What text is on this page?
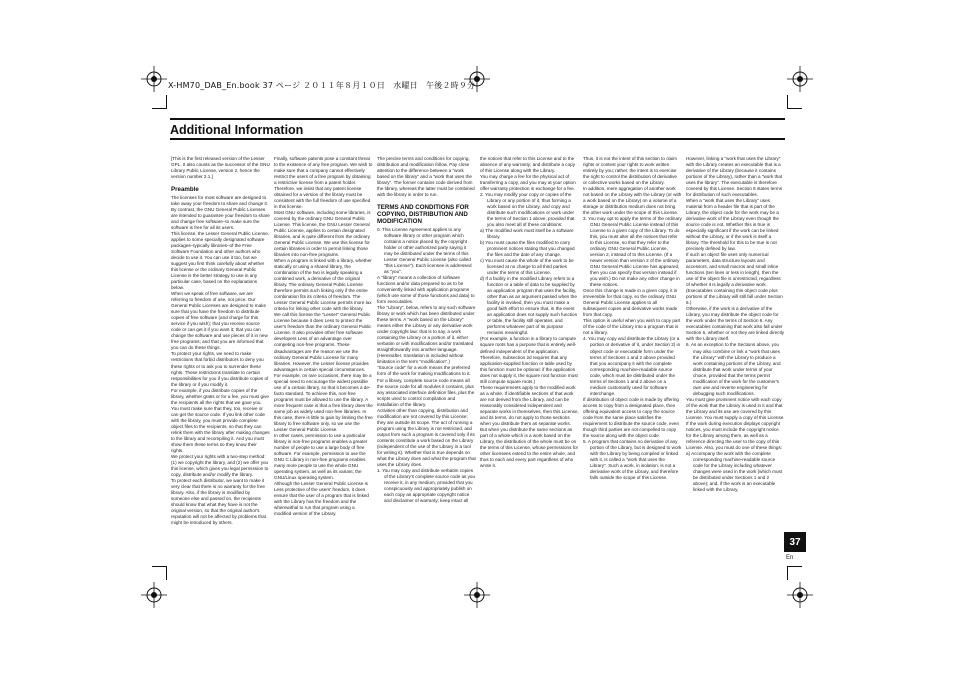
X-HM70_DAB_En.book 37 ページ ２０１１年８月１０日　水曜日　午後２時９分
Additional Information

[This is the first released version of the Lesser GPL. It also counts as the successor of the GNU Library Public License, version 2, hence the version number 2.1.]

Preamble

The licenses for most software are designed to take away your freedom to share and change it. By contrast, the GNU General Public Licenses are intended to guarantee your freedom to share and change free software–to make sure the software is free for all its users.

This license, the Lesser General Public License, applies to some specially designated software packages–typically libraries–of the Free Software Foundation and other authors who decide to use it. You can use it too, but we suggest you first think carefully about whether this license or the ordinary General Public License is the better strategy to use in any particular case, based on the explanations below.

When we speak of free software, we are referring to freedom of use, not price. Our General Public Licenses are designed to make sure that you have the freedom to distribute copies of free software (and charge for this service if you wish); that you receive source code or can get it if you want it; that you can change the software and use pieces of it in new free programs; and that you are informed that you can do these things.

To protect your rights, we need to make restrictions that forbid distributors to deny you these rights or to ask you to surrender these rights. These restrictions translate to certain responsibilities for you if you distribute copies of the library or if you modify it.

For example, if you distribute copies of the library, whether gratis or for a fee, you must give the recipients all the rights that we gave you. You must make sure that they, too, receive or can get the source code. If you link other code with the library, you must provide complete object files to the recipients, so that they can relink them with the library after making changes to the library and recompiling it. And you must show them these terms so they know their rights.

We protect your rights with a two-step method: (1) we copyright the library, and (2) we offer you this license, which gives you legal permission to copy, distribute and/or modify the library.

To protect each distributor, we want to make it very clear that there is no warranty for the free library. Also, if the library is modified by someone else and passed on, the recipients should know that what they have is not the original version, so that the original author's reputation will not be affected by problems that might be introduced by others.

Finally, software patents pose a constant threat to the existence of any free program. We wish to make sure that a company cannot effectively restrict the users of a free program by obtaining a restrictive license from a patent holder. Therefore, we insist that any patent license obtained for a version of the library must be consistent with the full freedom of use specified in this license.

Most GNU software, including some libraries, is covered by the ordinary GNU General Public License. This license, the GNU Lesser General Public License, applies to certain designated libraries, and is quite different from the ordinary General Public License. We use this license for certain libraries in order to permit linking those libraries into non-free programs.

When a program is linked with a library, whether statically or using a shared library, the combination of the two is legally speaking a combined work, a derivative of the original library. The ordinary General Public License therefore permits such linking only if the entire combination fits its criteria of freedom. The Lesser General Public License permits more lax criteria for linking other code with the library.

We call this license the "Lesser" General Public License because it does Less to protect the user's freedom than the ordinary General Public License. It also provides other free software developers Less of an advantage over competing non-free programs. These disadvantages are the reason we use the ordinary General Public License for many libraries. However, the Lesser license provides advantages in certain special circumstances.

For example, on rare occasions, there may be a special need to encourage the widest possible use of a certain library, so that it becomes a de-facto standard. To achieve this, non-free programs must be allowed to use the library. A more frequent case is that a free library does the same job as widely used non-free libraries. In this case, there is little to gain by limiting the free library to free software only, so we use the Lesser General Public License.

In other cases, permission to use a particular library in non-free programs enables a greater number of people to use a large body of free software. For example, permission to use the GNU C Library in non-free programs enables many more people to use the whole GNU operating system, as well as its variant, the GNU/Linux operating system.

Although the Lesser General Public License is Less protective of the users' freedom, it does ensure that the user of a program that is linked with the Library has the freedom and the wherewithal to run that program using a modified version of the Library.

The precise terms and conditions for copying, distribution and modification follow. Pay close attention to the difference between a "work based on the library" and a "work that uses the library". The former contains code derived from the library, whereas the latter must be combined with the library in order to run.

TERMS AND CONDITIONS FOR COPYING, DISTRIBUTION AND MODIFICATION

0. This License Agreement applies to any software library or other program which contains a notice placed by the copyright holder or other authorized party saying it may be distributed under the terms of this Lesser General Public License (also called "this License"). Each licensee is addressed as "you".

A "library" means a collection of software functions and/or data prepared so as to be conveniently linked with application programs (which use some of those functions and data) to form executables.

The "Library", below, refers to any such software library or work which has been distributed under these terms. A "work based on the Library" means either the Library or any derivative work under copyright law: that is to say, a work containing the Library or a portion of it, either verbatim or with modifications and/or translated straightforwardly into another language. (Hereinafter, translation is included without limitation in the term "modification".)

"Source code" for a work means the preferred form of the work for making modifications to it. For a library, complete source code means all the source code for all modules it contains, plus any associated interface definition files, plus the scripts used to control compilation and installation of the library.

Activities other than copying, distribution and modification are not covered by this License; they are outside its scope. The act of running a program using the Library is not restricted, and output from such a program is covered only if its contents constitute a work based on the Library (independent of the use of the Library in a tool for writing it). Whether that is true depends on what the Library does and what the program that uses the Library does.

1. You may copy and distribute verbatim copies of the Library's complete source code as you receive it, in any medium, provided that you conspicuously and appropriately publish on each copy an appropriate copyright notice and disclaimer of warranty; keep intact all

the notices that refer to this License and to the absence of any warranty; and distribute a copy of this License along with the Library.

You may charge a fee for the physical act of transferring a copy, and you may at your option offer warranty protection in exchange for a fee.

2. You may modify your copy or copies of the Library or any portion of it, thus forming a work based on the Library, and copy and distribute such modifications or work under the terms of Section 1 above, provided that you also meet all of these conditions:

a) The modified work must itself be a software library.

b) You must cause the files modified to carry prominent notices stating that you changed the files and the date of any change.

c) You must cause the whole of the work to be licensed at no charge to all third parties under the terms of this License.

d) If a facility in the modified Library refers to a function or a table of data to be supplied by an application program that uses the facility, other than as an argument passed when the facility is invoked, then you must make a good faith effort to ensure that, in the event an application does not supply such function or table, the facility still operates, and performs whatever part of its purpose remains meaningful.

(For example, a function in a library to compute square roots has a purpose that is entirely well-defined independent of the application. Therefore, Subsection 2d requires that any application-supplied function or table used by this function must be optional: if the application does not supply it, the square root function must still compute square roots.)

These requirements apply to the modified work as a whole. If identifiable sections of that work are not derived from the Library, and can be reasonably considered independent and separate works in themselves, then this License, and its terms, do not apply to those sections when you distribute them as separate works. But when you distribute the same sections as part of a whole which is a work based on the Library, the distribution of the whole must be on the terms of this License, whose permissions for other licensees extend to the entire whole, and thus to each and every part regardless of who wrote it.

Thus, it is not the intent of this section to claim rights or contest your rights to work written entirely by you; rather, the intent is to exercise the right to control the distribution of derivative or collective works based on the Library.

In addition, mere aggregation of another work not based on the Library with the Library (or with a work based on the Library) on a volume of a storage or distribution medium does not bring the other work under the scope of this License.

3. You may opt to apply the terms of the ordinary GNU General Public License instead of this License to a given copy of the Library. To do this, you must alter all the notices that refer to this License, so that they refer to the ordinary GNU General Public License, version 2, instead of to this License. (If a newer version than version 2 of the ordinary GNU General Public License has appeared, then you can specify that version instead if you wish.) Do not make any other change in these notices.

Once this change is made in a given copy, it is irreversible for that copy, so the ordinary GNU General Public License applies to all subsequent copies and derivative works made from that copy.

This option is useful when you wish to copy part of the code of the Library into a program that is not a library.

4. You may copy and distribute the Library (or a portion or derivative of it, under Section 2) in object code or executable form under the terms of Sections 1 and 2 above provided that you accompany it with the complete corresponding machine-readable source code, which must be distributed under the terms of Sections 1 and 2 above on a medium customarily used for software interchange.

If distribution of object code is made by offering access to copy from a designated place, then offering equivalent access to copy the source code from the same place satisfies the requirement to distribute the source code, even though third parties are not compelled to copy the source along with the object code.

5. A program that contains no derivative of any portion of the Library, but is designed to work with the Library by being compiled or linked with it, is called a "work that uses the Library". Such a work, in isolation, is not a derivative work of the Library, and therefore falls outside the scope of this License.

However, linking a "work that uses the Library" with the Library creates an executable that is a derivative of the Library (because it contains portions of the Library), rather than a "work that uses the library". The executable is therefore covered by this License. Section 6 states terms for distribution of such executables.

When a "work that uses the Library" uses material from a header file that is part of the Library, the object code for the work may be a derivative work of the Library even though the source code is not. Whether this is true is especially significant if the work can be linked without the Library, or if the work is itself a library. The threshold for this to be true is not precisely defined by law.

If such an object file uses only numerical parameters, data structure layouts and accessors, and small macros and small inline functions (ten lines or less in length), then the use of the object file is unrestricted, regardless of whether it is legally a derivative work. (Executables containing this object code plus portions of the Library will still fall under Section 6.)

Otherwise, if the work is a derivative of the Library, you may distribute the object code for the work under the terms of Section 6. Any executables containing that work also fall under Section 6, whether or not they are linked directly with the Library itself.

6. As an exception to the Sections above, you may also combine or link a "work that uses the Library" with the Library to produce a work containing portions of the Library, and distribute that work under terms of your choice, provided that the terms permit modification of the work for the customer's own use and reverse engineering for debugging such modifications.

You must give prominent notice with each copy of the work that the Library is used in it and that the Library and its use are covered by this License. You must supply a copy of this License. If the work during execution displays copyright notices, you must include the copyright notice for the Library among them, as well as a reference directing the user to the copy of this License. Also, you must do one of these things:

a) Accompany the work with the complete corresponding machine-readable source code for the Library including whatever changes were used in the work (which must be distributed under Sections 1 and 2 above); and, if the work is an executable linked with the Library,

37
En
